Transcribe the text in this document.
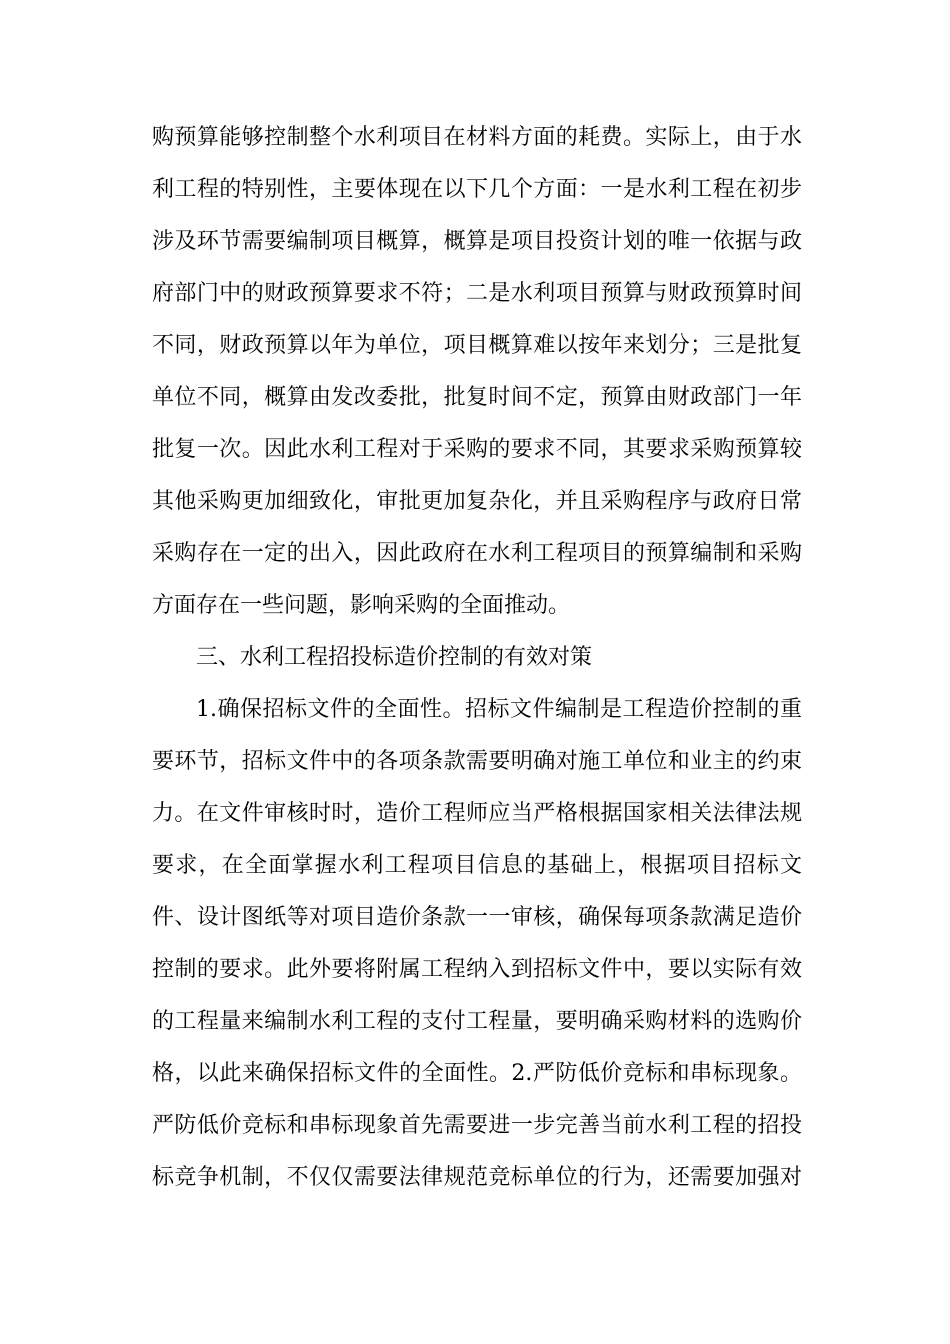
购预算能够控制整个水利项目在材料方面的耗费。实际上，由于水
利工程的特别性，主要体现在以下几个方面：一是水利工程在初步
涉及环节需要编制项目概算，概算是项目投资计划的唯一依据与政
府部门中的财政预算要求不符；二是水利项目预算与财政预算时间
不同，财政预算以年为单位，项目概算难以按年来划分；三是批复
单位不同，概算由发改委批，批复时间不定，预算由财政部门一年
批复一次。因此水利工程对于采购的要求不同，其要求采购预算较
其他采购更加细致化，审批更加复杂化，并且采购程序与政府日常
采购存在一定的出入，因此政府在水利工程项目的预算编制和采购
方面存在一些问题，影响采购的全面推动。
三、水利工程招投标造价控制的有效对策
1.确保招标文件的全面性。招标文件编制是工程造价控制的重
要环节，招标文件中的各项条款需要明确对施工单位和业主的约束
力。在文件审核时时，造价工程师应当严格根据国家相关法律法规
要求，在全面掌握水利工程项目信息的基础上，根据项目招标文
件、设计图纸等对项目造价条款一一审核，确保每项条款满足造价
控制的要求。此外要将附属工程纳入到招标文件中，要以实际有效
的工程量来编制水利工程的支付工程量，要明确采购材料的选购价
格，以此来确保招标文件的全面性。2.严防低价竞标和串标现象。
严防低价竞标和串标现象首先需要进一步完善当前水利工程的招投
标竞争机制，不仅仅需要法律规范竞标单位的行为，还需要加强对
